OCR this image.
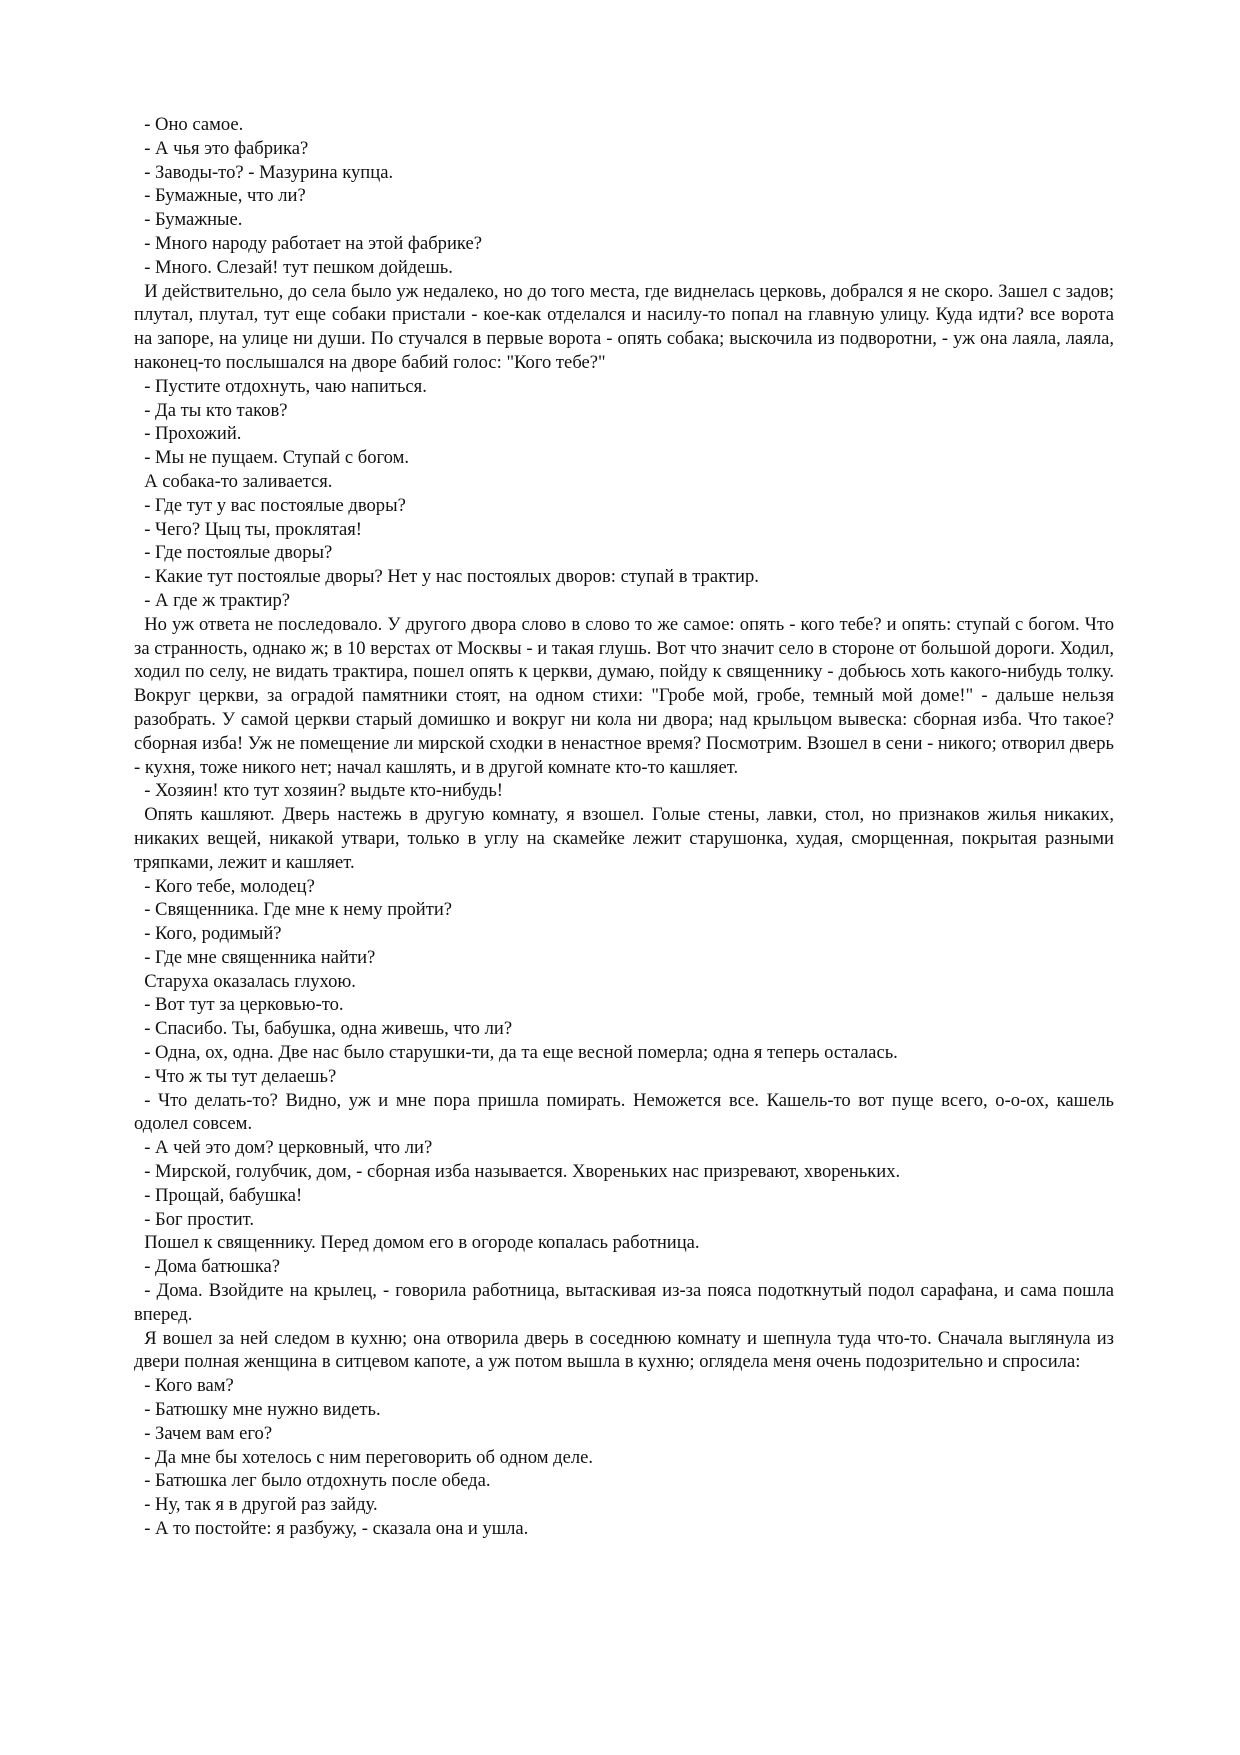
- Оно самое.

- А чья это фабрика?

- Заводы-то? - Мазурина купца.

- Бумажные, что ли?

- Бумажные.

- Много народу работает на этой фабрике?

- Много. Слезай! тут пешком дойдешь.

И действительно, до села было уж недалеко, но до того места, где виднелась церковь, добрался я не скоро. Зашел с задов; плутал, плутал, тут еще собаки пристали - кое-как отделался и насилу-то попал на главную улицу. Куда идти? все ворота на запоре, на улице ни души. По стучался в первые ворота - опять собака; выскочила из подворотни, - уж она лаяла, лаяла, наконец-то послышался на дворе бабий голос: "Кого тебе?"

- Пустите отдохнуть, чаю напиться.

- Да ты кто таков?

- Прохожий.

- Мы не пущаем. Ступай с богом.

А собака-то заливается.

- Где тут у вас постоялые дворы?

- Чего? Цыц ты, проклятая!

- Где постоялые дворы?

- Какие тут постоялые дворы? Нет у нас постоялых дворов: ступай в трактир.

- А где ж трактир?

Но уж ответа не последовало. У другого двора слово в слово то же самое: опять - кого тебе? и опять: ступай с богом. Что за странность, однако ж; в 10 верстах от Москвы - и такая глушь. Вот что значит село в стороне от большой дороги. Ходил, ходил по селу, не видать трактира, пошел опять к церкви, думаю, пойду к священнику - добьюсь хоть какого-нибудь толку. Вокруг церкви, за оградой памятники стоят, на одном стихи: "Гробе мой, гробе, темный мой доме!" - дальше нельзя разобрать. У самой церкви старый домишко и вокруг ни кола ни двора; над крыльцом вывеска: сборная изба. Что такое? сборная изба! Уж не помещение ли мирской сходки в ненастное время? Посмотрим. Взошел в сени - никого; отворил дверь - кухня, тоже никого нет; начал кашлять, и в другой комнате кто-то кашляет.

- Хозяин! кто тут хозяин? выдьте кто-нибудь!

Опять кашляют. Дверь настежь в другую комнату, я взошел. Голые стены, лавки, стол, но признаков жилья никаких, никаких вещей, никакой утвари, только в углу на скамейке лежит старушонка, худая, сморщенная, покрытая разными тряпками, лежит и кашляет.

- Кого тебе, молодец?

- Священника. Где мне к нему пройти?

- Кого, родимый?

- Где мне священника найти?

Старуха оказалась глухою.

- Вот тут за церковью-то.

- Спасибо. Ты, бабушка, одна живешь, что ли?

- Одна, ох, одна. Две нас было старушки-ти, да та еще весной померла; одна я теперь осталась.

- Что ж ты тут делаешь?

- Что делать-то? Видно, уж и мне пора пришла помирать. Неможется все. Кашель-то вот пуще всего, о-о-ох, кашель одолел совсем.

- А чей это дом? церковный, что ли?

- Мирской, голубчик, дом, - сборная изба называется. Хворенькиx нас призревают, хворенькиx.

- Прощай, бабушка!

- Бог простит.

Пошел к священнику. Перед домом его в огороде копалась работница.

- Дома батюшка?

- Дома. Взойдите на крылец, - говорила работница, вытаскивая из-за пояса подоткнутый подол сарафана, и сама пошла вперед.

Я вошел за ней следом в кухню; она отворила дверь в соседнюю комнату и шепнула туда что-то. Сначала выглянула из двери полная женщина в ситцевом капоте, а уж потом вышла в кухню; оглядела меня очень подозрительно и спросила:

- Кого вам?

- Батюшку мне нужно видеть.

- Зачем вам его?

- Да мне бы хотелось с ним переговорить об одном деле.

- Батюшка лег было отдохнуть после обеда.

- Ну, так я в другой раз зайду.

- А то постойте: я разбужу, - сказала она и ушла.
